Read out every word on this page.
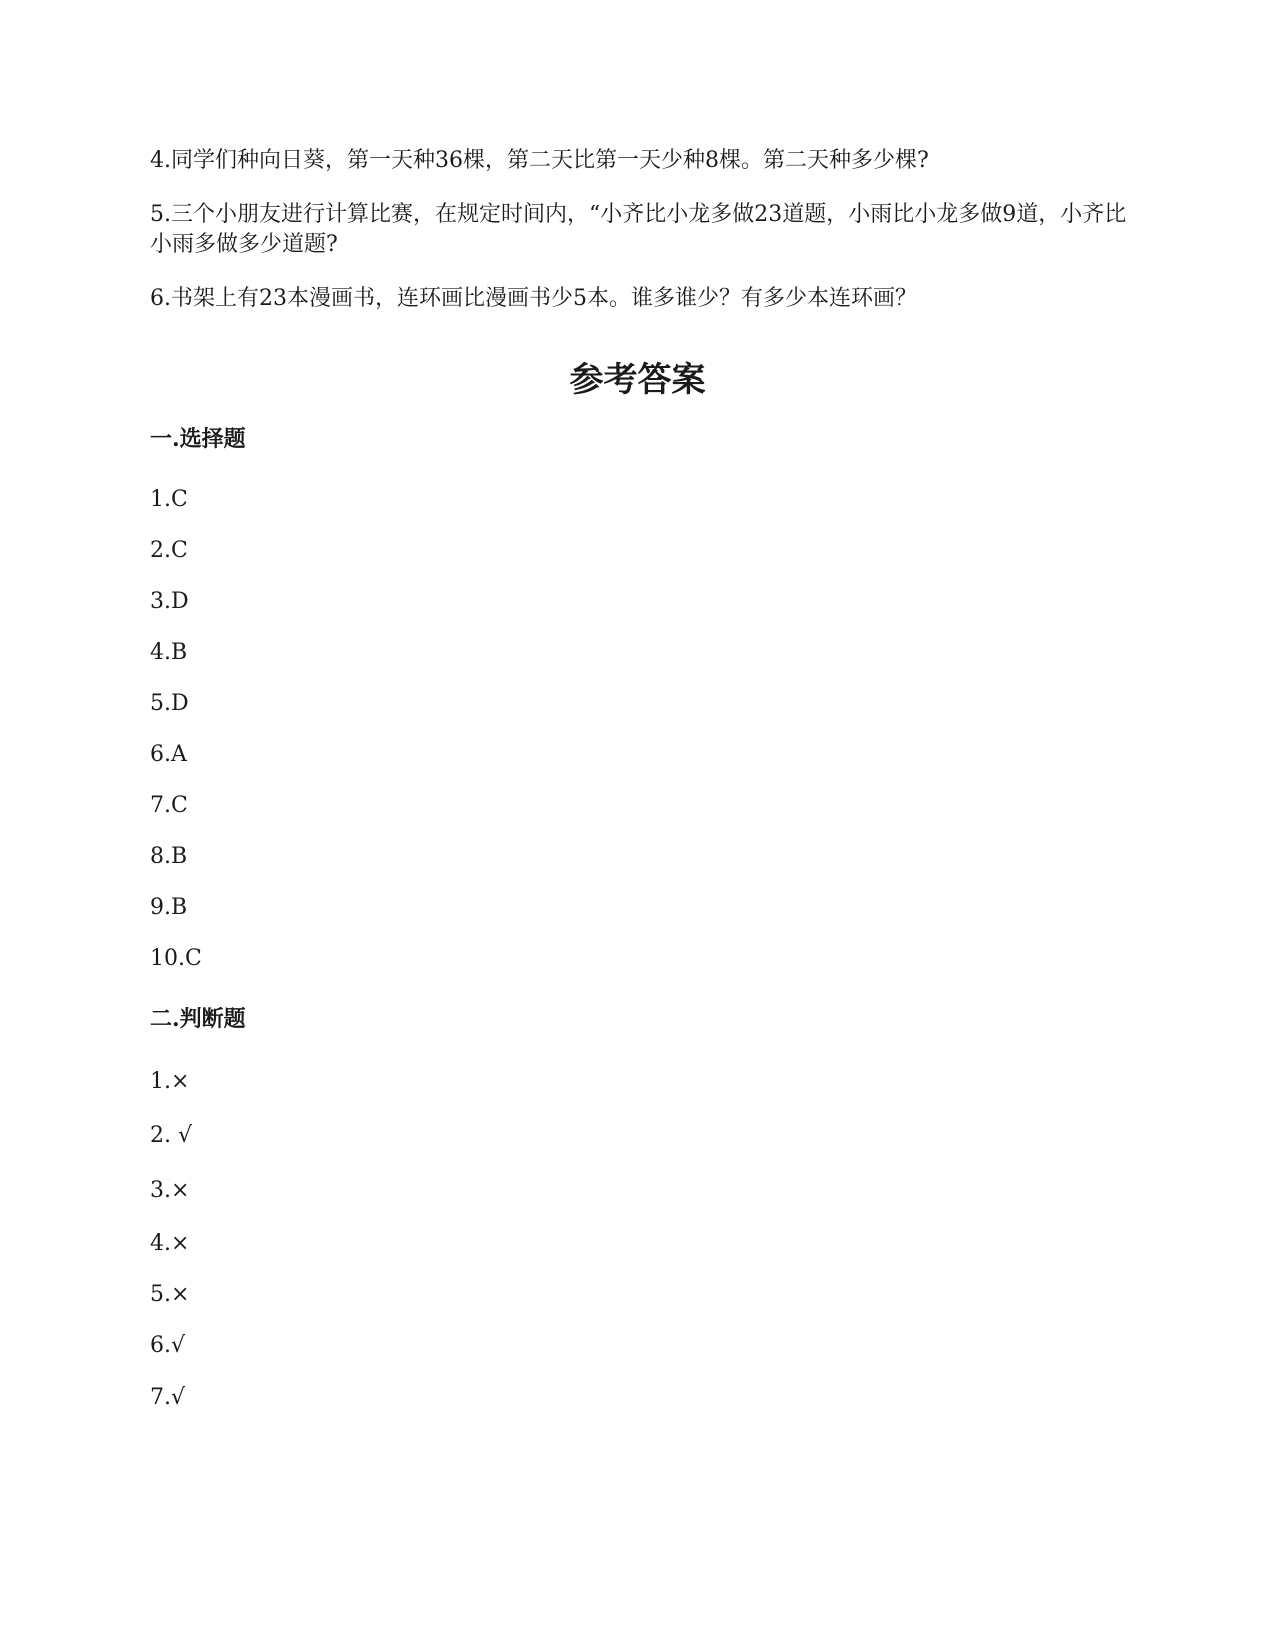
4.同学们种向日葵，第一天种36棵，第二天比第一天少种8棵。第二天种多少棵?

5.三个小朋友进行计算比赛，在规定时间内，“小齐比小龙多做23道题，小雨比小龙多做9道，小齐比小雨多做多少道题?

6.书架上有23本漫画书，连环画比漫画书少5本。谁多谁少？有多少本连环画？

参考答案
一.选择题
1.C
2.C
3.D
4.B
5.D
6.A
7.C
8.B
9.B
10.C
二.判断题
1.×
2. √
3.×
4.×
5.×
6.√
7.√
